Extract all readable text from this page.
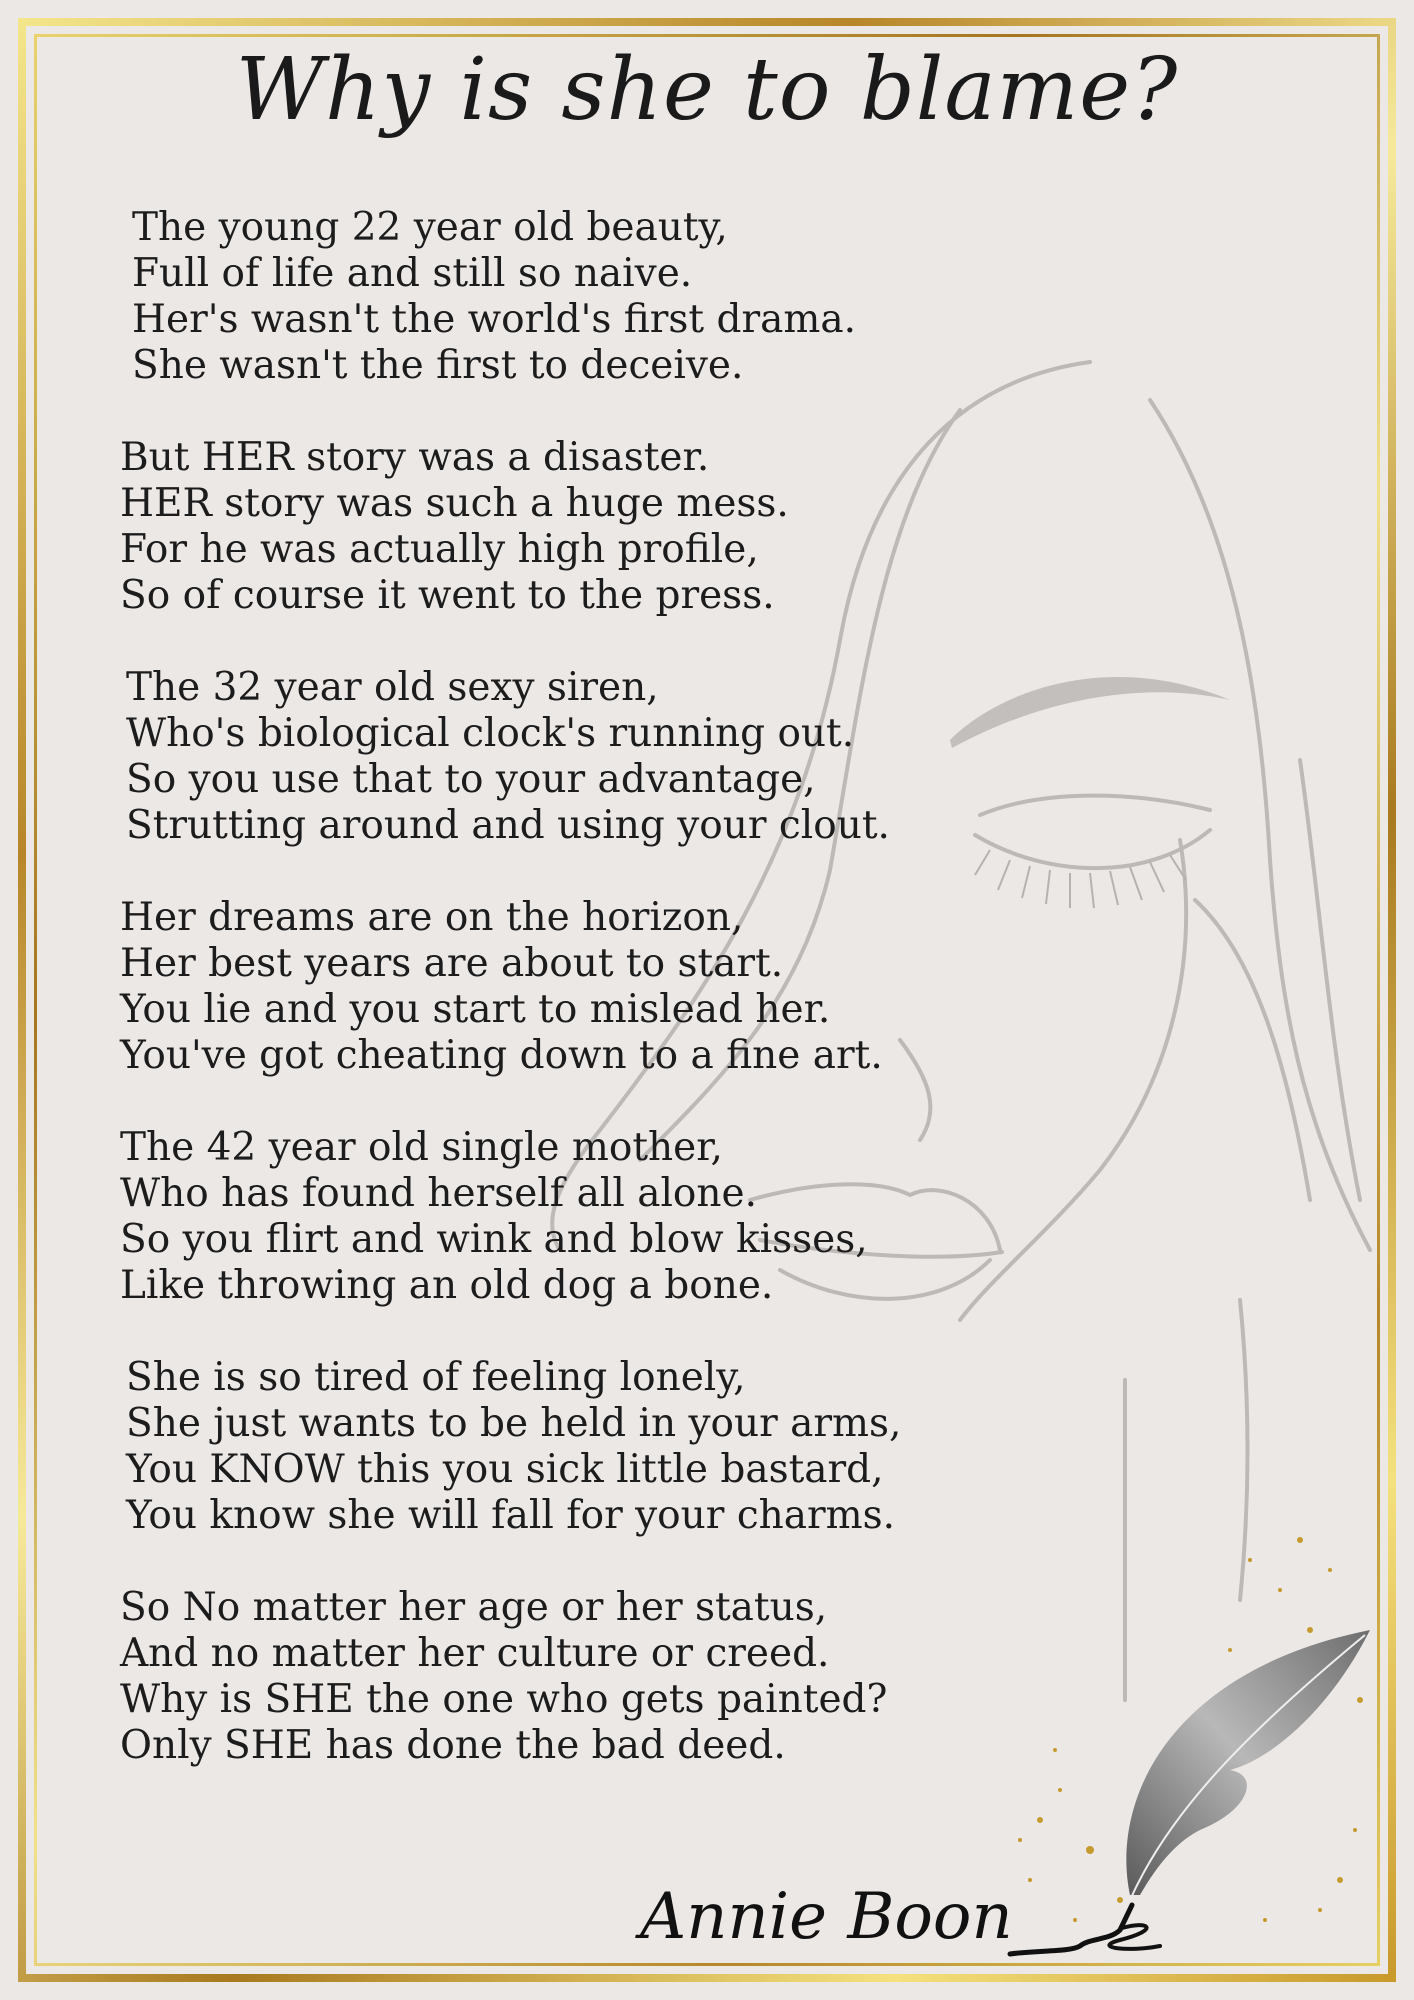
Why is she to blame?
The young 22 year old beauty,
Full of life and still so naive.
Her's wasn't the world's first drama.
She wasn't the first to deceive.
But HER story was a disaster.
HER story was such a huge mess.
For he was actually high profile,
So of course it went to the press.
The 32 year old sexy siren,
Who's biological clock's running out.
So you use that to your advantage,
Strutting around and using your clout.
Her dreams are on the horizon,
Her best years are about to start.
You lie and you start to mislead her.
You've got cheating down to a fine art.
The 42 year old single mother,
Who has found herself all alone.
So you flirt and wink and blow kisses,
Like throwing an old dog a bone.
She is so tired of feeling lonely,
She just wants to be held in your arms,
You KNOW this you sick little bastard,
You know she will fall for your charms.
So No matter her age or her status,
And no matter her culture or creed.
Why is SHE the one who gets painted?
Only SHE has done the bad deed.
Annie Boon
